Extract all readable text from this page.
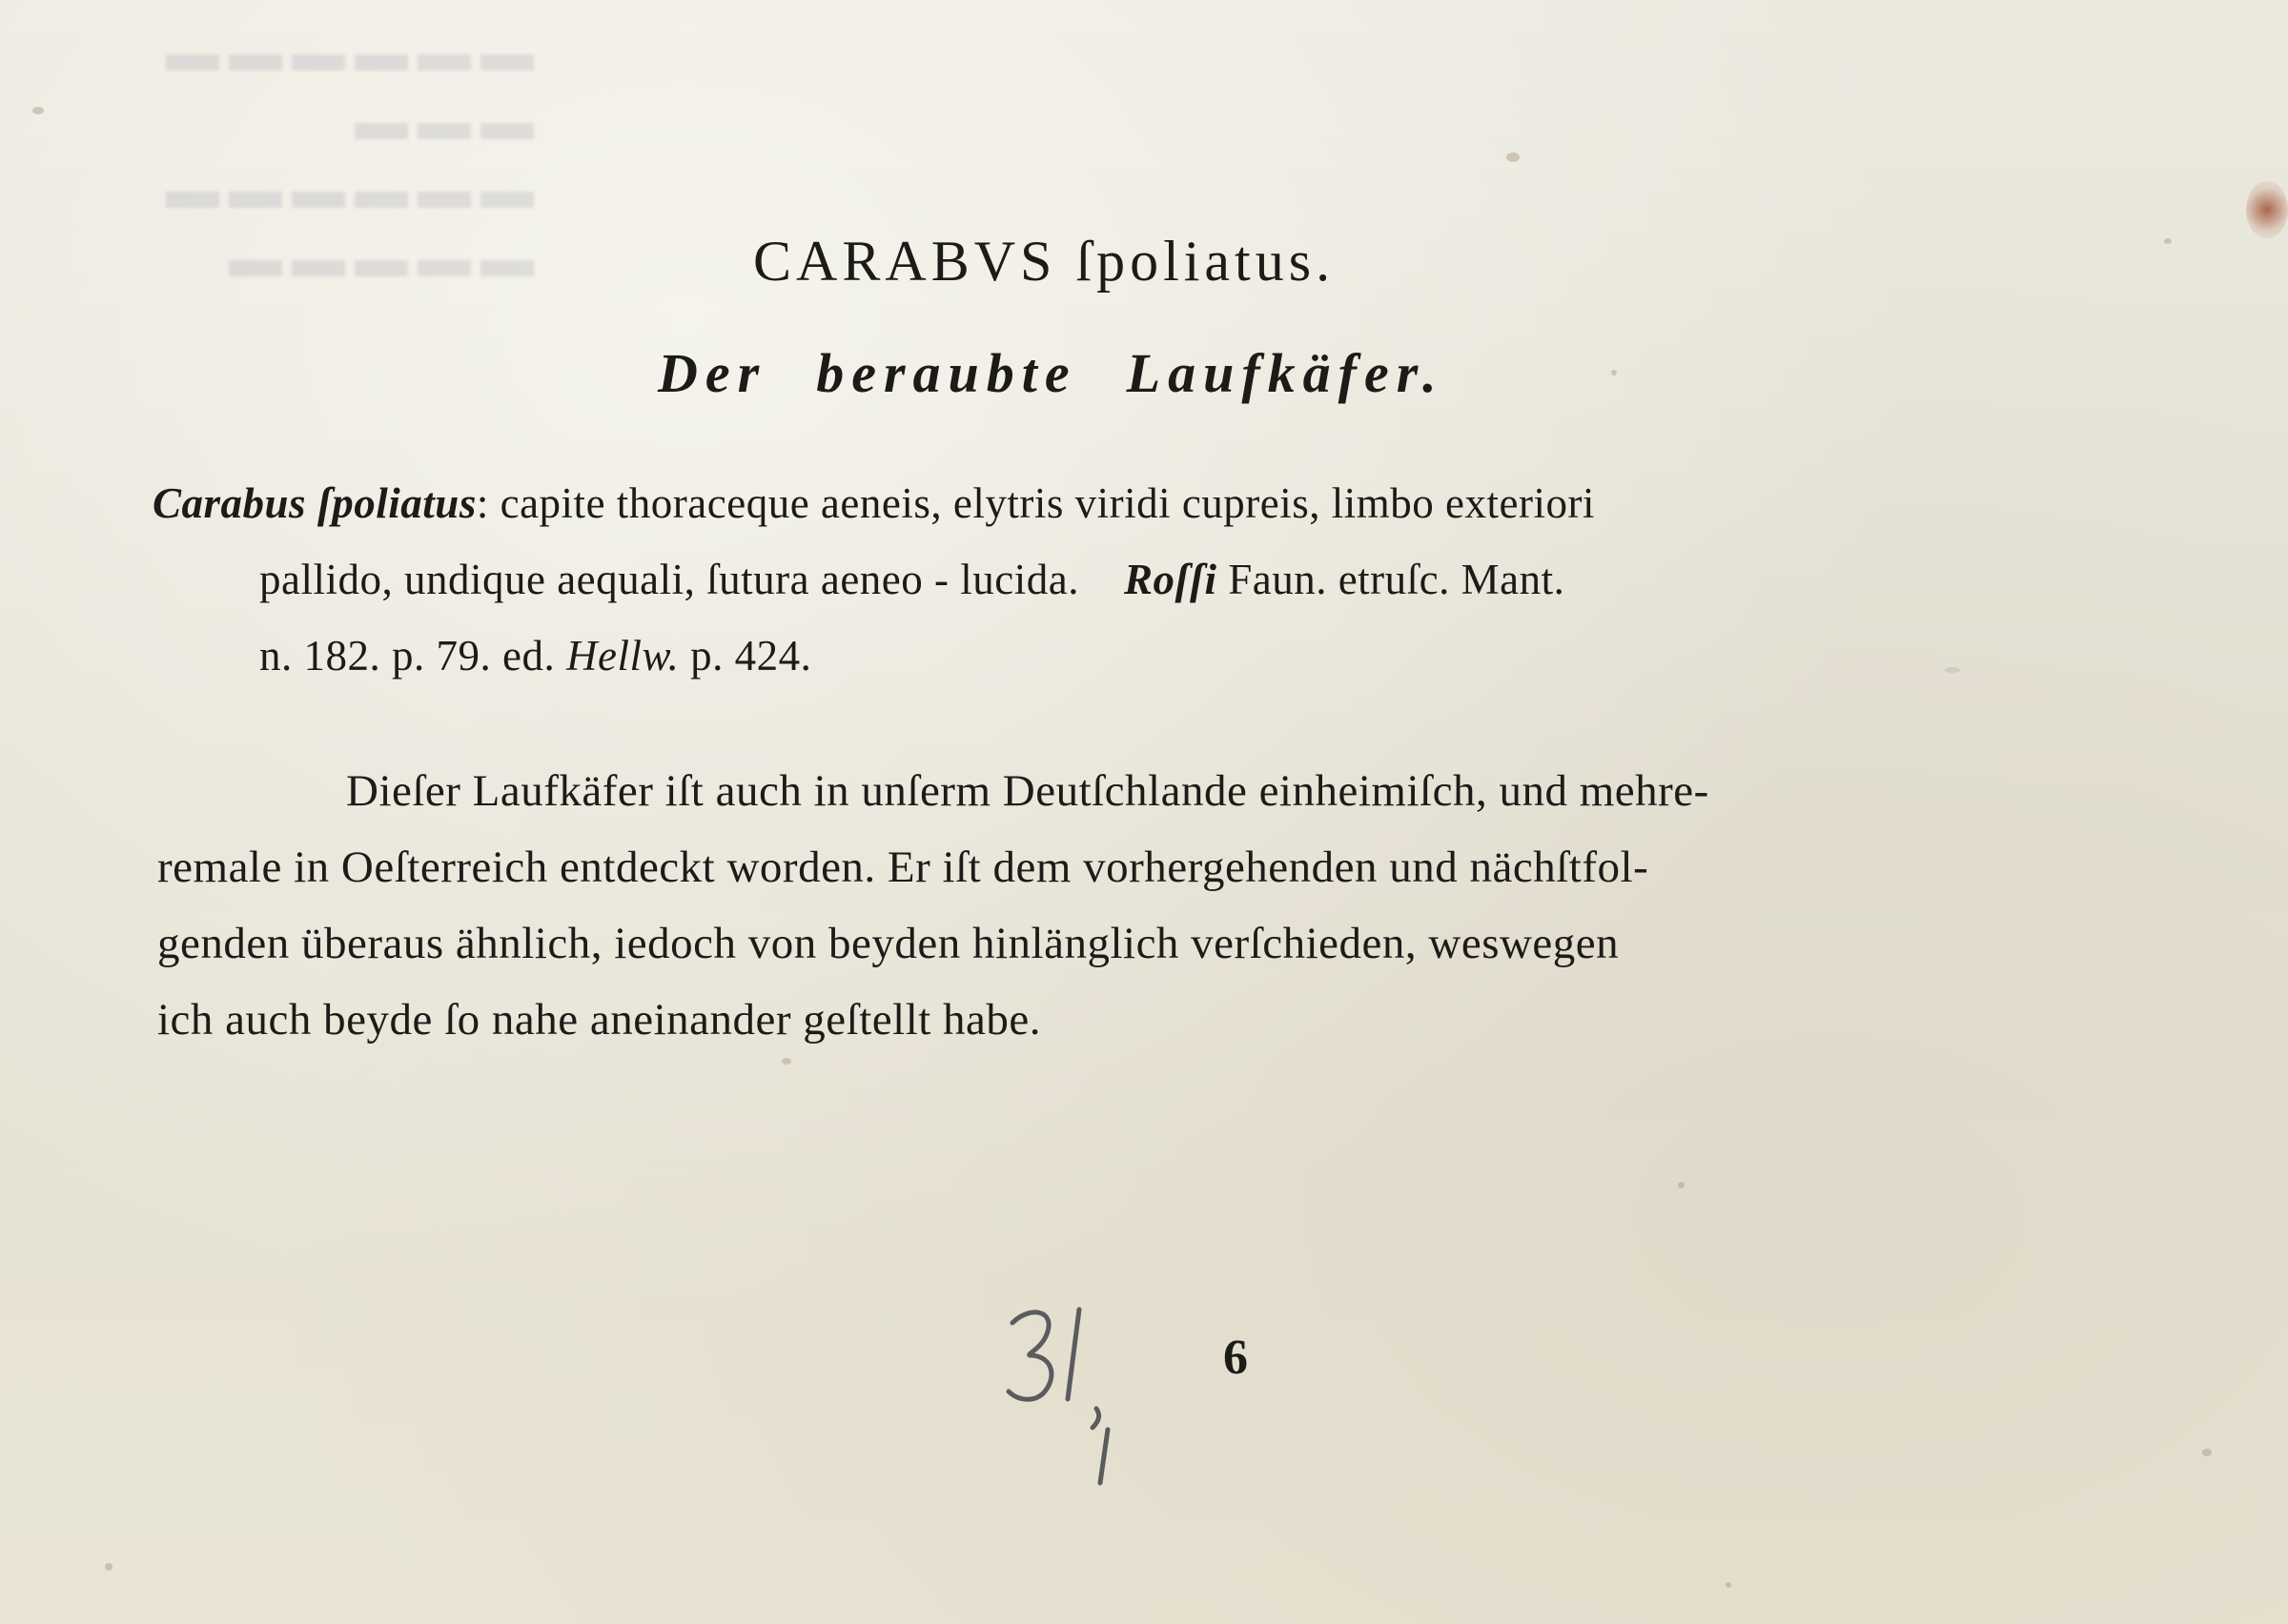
▬▬▬▬▬▬
▬▬▬
▬▬▬▬▬▬
▬▬▬▬▬	CARABVS ſpoliatus.
Der beraubte Laufkäfer.
Carabus ſpoliatus: capite thoraceque aeneis, elytris viridi cupreis, limbo exteriori
pallido, undique aequali, ſutura aeneo - lucida. Roſſi Faun. etruſc. Mant.
n. 182. p. 79. ed. Hellw. p. 424.
Dieſer Laufkäfer iſt auch in unſerm Deutſchlande einheimiſch, und mehre-
remale in Oeſterreich entdeckt worden. Er iſt dem vorhergehenden und nächſtfol-
genden überaus ähnlich, iedoch von beyden hinlänglich verſchieden, weswegen
ich auch beyde ſo nahe aneinander geſtellt habe.
6
